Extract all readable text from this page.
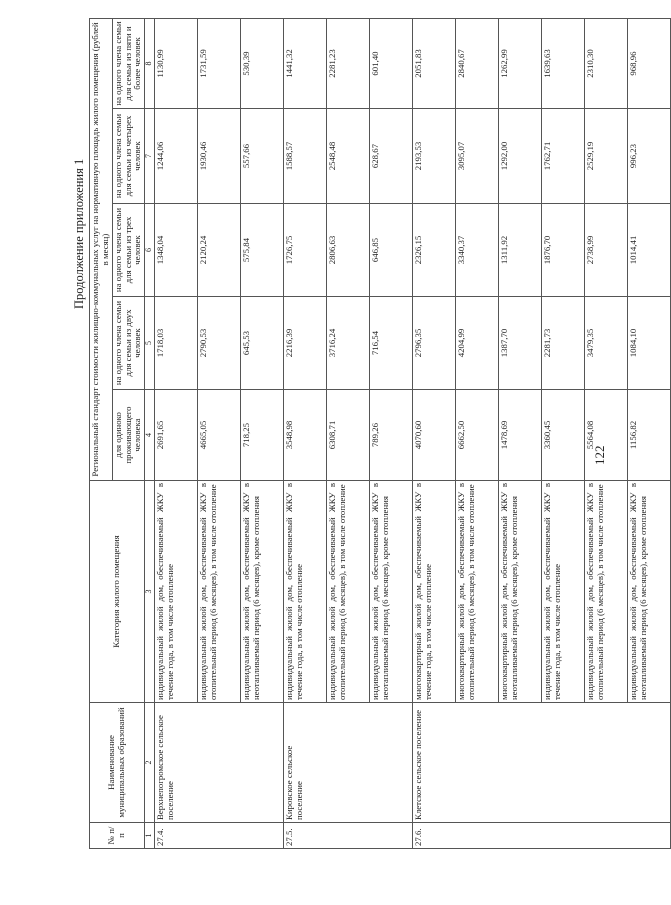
122
Продолжение приложения 1
№ п/п	Наименование муниципальных образований	Категория жилого помещения	Региональный стандарт стоимости жилищно-коммунальных услуг на нормативную площадь жилого помещения (рублей в месяц)				
			для одиноко проживающего человека	на одного члена семьи для семьи из двух человек	на одного члена семьи для семьи из трех человек	на одного члена семьи для семьи из четырех человек	на одного члена семьи для семьи из пяти и более человек
1	2	3	4	5	6	7	8
27.4.	Верхнепогромское сельское поселение	индивидуальный жилой дом, обеспечиваемый ЖКУ в течение года, в том числе отопление	2691,65	1718,03	1348,04	1244,06	1130,99
		индивидуальный жилой дом, обеспечиваемый ЖКУ в отопительный период (6 месяцев), в том числе отопление	4665,05	2790,53	2120,24	1930,46	1731,59
		индивидуальный жилой дом, обеспечиваемый ЖКУ в неотапливаемый период (6 месяцев), кроме отопления	718,25	645,53	575,84	557,66	530,39
27.5.	Кировское сельское поселение	индивидуальный жилой дом, обеспечиваемый ЖКУ в течение года, в том числе отопление	3548,98	2216,39	1726,75	1588,57	1441,32
		индивидуальный жилой дом, обеспечиваемый ЖКУ в отопительный период (6 месяцев), в том числе отопление	6308,71	3716,24	2806,63	2548,48	2281,23
		индивидуальный жилой дом, обеспечиваемый ЖКУ в неотапливаемый период (6 месяцев), кроме отопления	789,26	716,54	646,85	628,67	601,40
27.6.	Клетское сельское поселение	многоквартирный жилой дом, обеспечиваемый ЖКУ в течение года, в том числе отопление	4070,60	2796,35	2326,15	2193,53	2051,83
		многоквартирный жилой дом, обеспечиваемый ЖКУ в отопительный период (6 месяцев), в том числе отопление	6662,50	4204,99	3340,37	3095,07	2840,67
		многоквартирный жилой дом, обеспечиваемый ЖКУ в неотапливаемый период (6 месяцев), кроме отопления	1478,69	1387,70	1311,92	1292,00	1262,99
		индивидуальный жилой дом, обеспечиваемый ЖКУ в течение года, в том числе отопление	3360,45	2281,73	1876,70	1762,71	1639,63
		индивидуальный жилой дом, обеспечиваемый ЖКУ в отопительный период (6 месяцев), в том числе отопление	5564,08	3479,35	2738,99	2529,19	2310,30
		индивидуальный жилой дом, обеспечиваемый ЖКУ в неотапливаемый период (6 месяцев), кроме отопления	1156,82	1084,10	1014,41	996,23	968,96
